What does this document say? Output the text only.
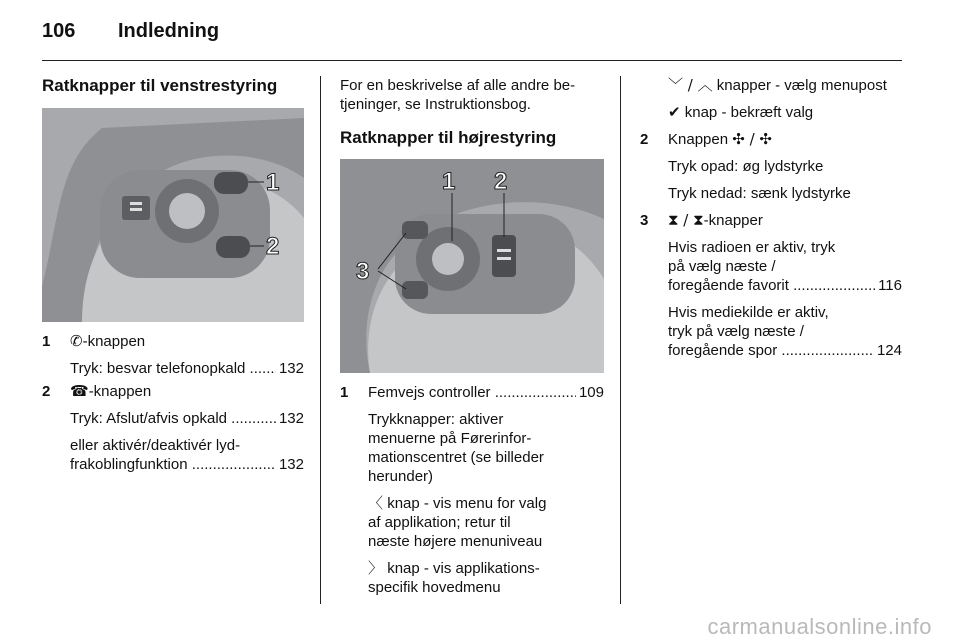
106 Indledning

Ratknapper til venstrestyring

1
2
1 ✆-knappen

Tryk: besvar telefonopkald .....	132
2 ☎-knappen

Tryk: Afslut/afvis opkald .....	132

eller aktivér/deaktivér lyd-

frakoblingfunktion .....	132

For en beskrivelse af alle andre be-

tjeninger, se Instruktionsbog.

Ratknapper til højrestyring

1 2
3
1 Femvejs controller .....	109

Trykknapper: aktiver

menuerne på Førerinfor-

mationscentret (se billeder

herunder)

〈 knap - vis menu for valg

af applikation; retur til

næste højere menuniveau

〉 knap - vis applikations-

specifik hovedmenu

﹀ / ︿ knapper - vælg menupost

✔ knap - bekræft valg

2 Knappen ✣ / ✣

Tryk opad: øg lydstyrke

Tryk nedad: sænk lydstyrke

3 ⧗ / ⧗-knapper

Hvis radioen er aktiv, tryk

på vælg næste /

foregående favorit .....	116

Hvis mediekilde er aktiv,

tryk på vælg næste /

foregående spor .....	124
carmanualsonline.info
